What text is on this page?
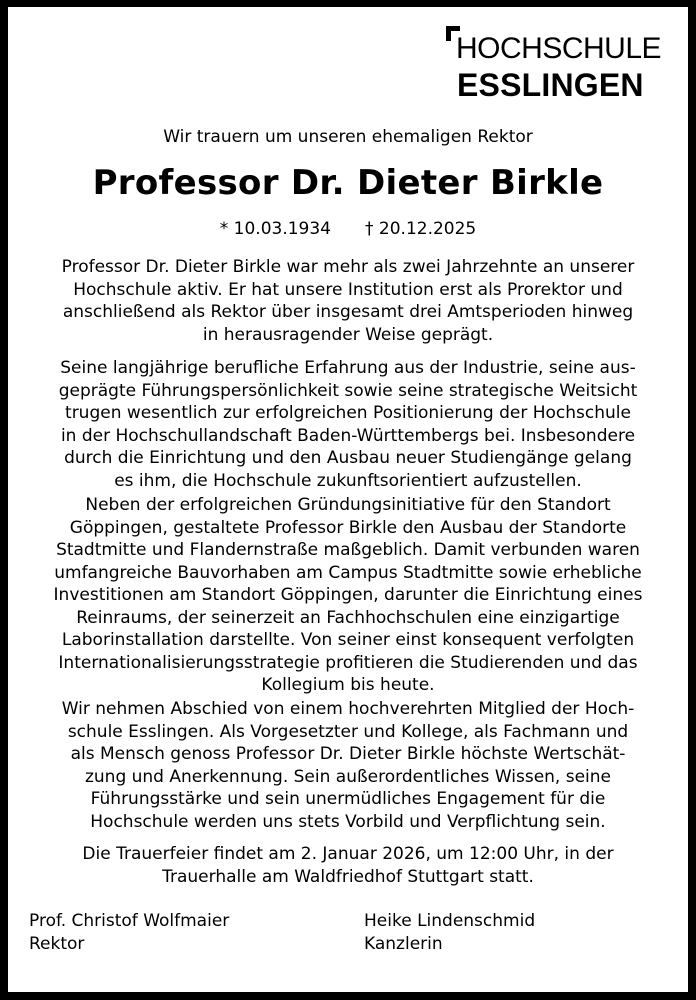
HOCHSCHULE
ESSLINGEN
Wir trauern um unseren ehemaligen Rektor
Professor Dr. Dieter Birkle
* 10.03.1934 † 20.12.2025

Professor Dr. Dieter Birkle war mehr als zwei Jahrzehnte an unserer
Hochschule aktiv. Er hat unsere Institution erst als Prorektor und
anschließend als Rektor über insgesamt drei Amtsperioden hinweg
in herausragender Weise geprägt.

Seine langjährige berufliche Erfahrung aus der Industrie, seine aus-
geprägte Führungspersönlichkeit sowie seine strategische Weitsicht
trugen wesentlich zur erfolgreichen Positionierung der Hochschule
in der Hochschullandschaft Baden-Württembergs bei. Insbesondere
durch die Einrichtung und den Ausbau neuer Studiengänge gelang
es ihm, die Hochschule zukunftsorientiert aufzustellen.

Neben der erfolgreichen Gründungsinitiative für den Standort
Göppingen, gestaltete Professor Birkle den Ausbau der Standorte
Stadtmitte und Flandernstraße maßgeblich. Damit verbunden waren
umfangreiche Bauvorhaben am Campus Stadtmitte sowie erhebliche
Investitionen am Standort Göppingen, darunter die Einrichtung eines
Reinraums, der seinerzeit an Fachhochschulen eine einzigartige
Laborinstallation darstellte. Von seiner einst konsequent verfolgten
Internationalisierungsstrategie profitieren die Studierenden und das
Kollegium bis heute.

Wir nehmen Abschied von einem hochverehrten Mitglied der Hoch-
schule Esslingen. Als Vorgesetzter und Kollege, als Fachmann und
als Mensch genoss Professor Dr. Dieter Birkle höchste Wertschät-
zung und Anerkennung. Sein außerordentliches Wissen, seine
Führungsstärke und sein unermüdliches Engagement für die
Hochschule werden uns stets Vorbild und Verpflichtung sein.

Die Trauerfeier findet am 2. Januar 2026, um 12:00 Uhr, in der
Trauerhalle am Waldfriedhof Stuttgart statt.

Prof. Christof Wolfmaier
Rektor
Heike Lindenschmid
Kanzlerin
